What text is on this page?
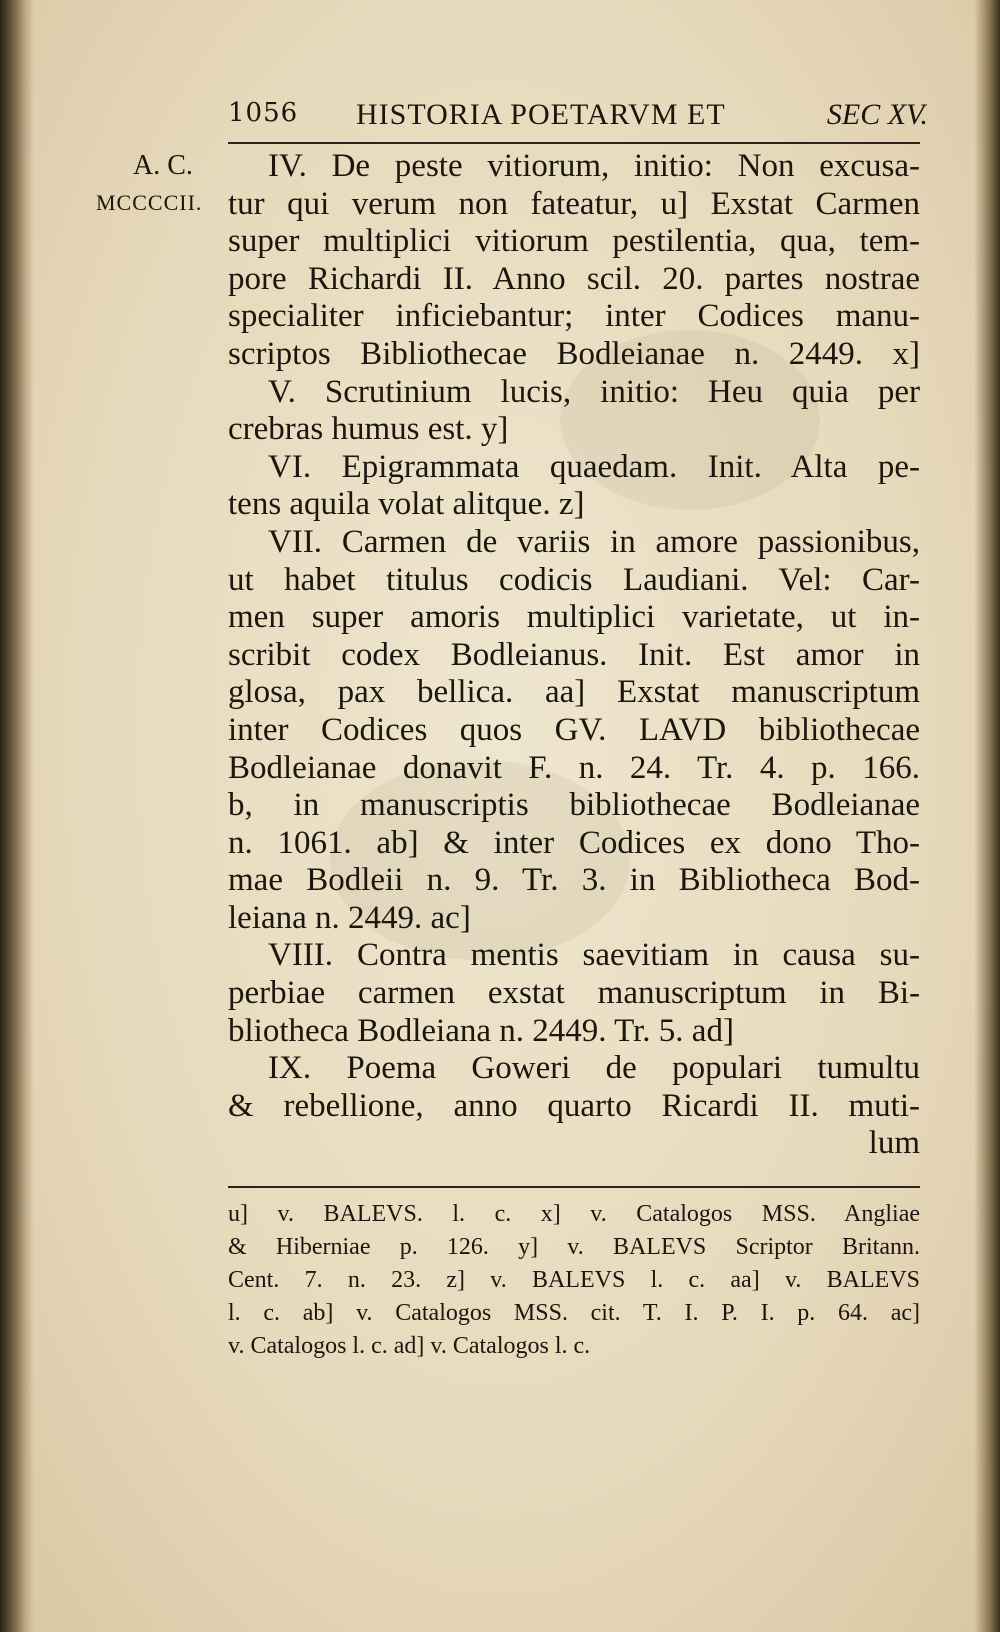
1056 HISTORIA POETARVM ET	SEC XV.
A. C.
MCCCCII.
IV. De peste vitiorum, initio: Non excusa-
tur qui verum non fateatur, u] Exstat Carmen
super multiplici vitiorum pestilentia, qua, tem-
pore Richardi II. Anno scil. 20. partes nostrae
specialiter inficiebantur; inter Codices manu-
scriptos Bibliothecae Bodleianae n. 2449. x]
V. Scrutinium lucis, initio: Heu quia per
crebras humus est. y]
VI. Epigrammata quaedam. Init. Alta pe-
tens aquila volat alitque. z]
VII. Carmen de variis in amore passionibus,
ut habet titulus codicis Laudiani. Vel: Car-
men super amoris multiplici varietate, ut in-
scribit codex Bodleianus. Init. Est amor in
glosa, pax bellica. aa] Exstat manuscriptum
inter Codices quos GV. LAVD bibliothecae
Bodleianae donavit F. n. 24. Tr. 4. p. 166.
b, in manuscriptis bibliothecae Bodleianae
n. 1061. ab] & inter Codices ex dono Tho-
mae Bodleii n. 9. Tr. 3. in Bibliotheca Bod-
leiana n. 2449. ac]
VIII. Contra mentis saevitiam in causa su-
perbiae carmen exstat manuscriptum in Bi-
bliotheca Bodleiana n. 2449. Tr. 5. ad]
IX. Poema Goweri de populari tumultu
& rebellione, anno quarto Ricardi II. muti-
lum
u] v. BALEVS. l. c. x] v. Catalogos MSS. Angliae
& Hiberniae p. 126. y] v. BALEVS Scriptor Britann.
Cent. 7. n. 23. z] v. BALEVS l. c. aa] v. BALEVS
l. c. ab] v. Catalogos MSS. cit. T. I. P. I. p. 64. ac]
v. Catalogos l. c. ad] v. Catalogos l. c.
